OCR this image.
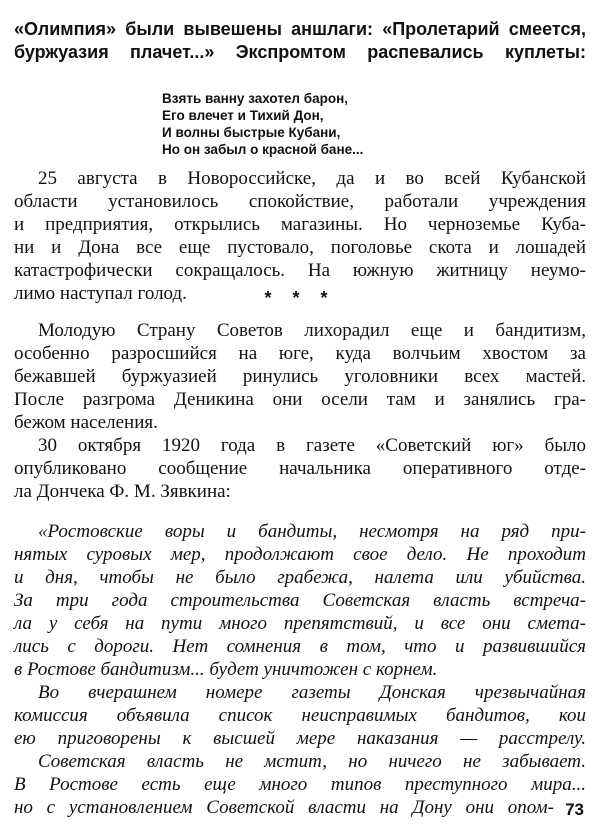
«Олимпия» были вывешены аншлаги: «Пролетарий смеется,
буржуазия плачет...» Экспромтом распевались куплеты:
Взять ванну захотел барон,
Его влечет и Тихий Дон,
И волны быстрые Кубани,
Но он забыл о красной бане...
25 августа в Новороссийске, да и во всей Кубанской
области установилось спокойствие, работали учреждения
и предприятия, открылись магазины. Но черноземье Куба-
ни и Дона все еще пустовало, поголовье скота и лошадей
катастрофически сокращалось. На южную житницу неумо-
лимо наступал голод.	* * *
Молодую Страну Советов лихорадил еще и бандитизм,
особенно разросшийся на юге, куда волчьим хвостом за
бежавшей буржуазией ринулись уголовники всех мастей.
После разгрома Деникина они осели там и занялись гра-
бежом населения.
30 октября 1920 года в газете «Советский юг» было
опубликовано сообщение начальника оперативного отде-
ла Дончека Ф. М. Зявкина:
«Ростовские воры и бандиты, несмотря на ряд при-
нятых суровых мер, продолжают свое дело. Не проходит
и дня, чтобы не было грабежа, налета или убийства.
За три года строительства Советская власть встреча-
ла у себя на пути много препятствий, и все они смета-
лись с дороги. Нет сомнения в том, что и развившийся
в Ростове бандитизм... будет уничтожен с корнем.
Во вчерашнем номере газеты Донская чрезвычайная
комиссия объявила список неисправимых бандитов, кои
ею приговорены к высшей мере наказания — расстрелу.
Советская власть не мстит, но ничего не забывает.
В Ростове есть еще много типов преступного мира...
но с установлением Советской власти на Дону они опом- 73
